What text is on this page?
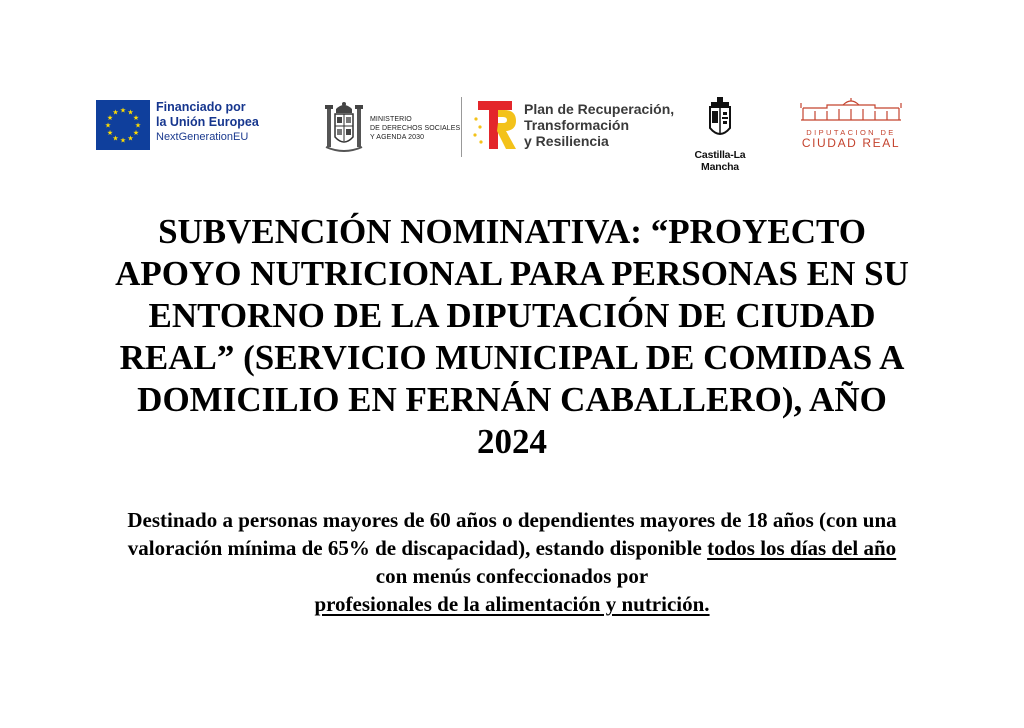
★ ★
★
★
★
★
★
★
★
★
★
★	Financiado por
la Unión Europea
NextGenerationEU
MINISTERIO
DE DERECHOS SOCIALES
Y AGENDA 2030
Plan de Recuperación,
Transformación
y Resiliencia
Castilla-La Mancha
DIPUTACION DE
CIUDAD REAL
SUBVENCIÓN NOMINATIVA: “PROYECTO APOYO NUTRICIONAL PARA PERSONAS EN SU ENTORNO DE LA DIPUTACIÓN DE CIUDAD REAL” (SERVICIO MUNICIPAL DE COMIDAS A DOMICILIO EN FERNÁN CABALLERO), AÑO 2024
Destinado a personas mayores de 60 años o dependientes mayores de 18 años (con una valoración mínima de 65% de discapacidad), estando disponible todos los días del año con menús confeccionados por
profesionales de la alimentación y nutrición.
